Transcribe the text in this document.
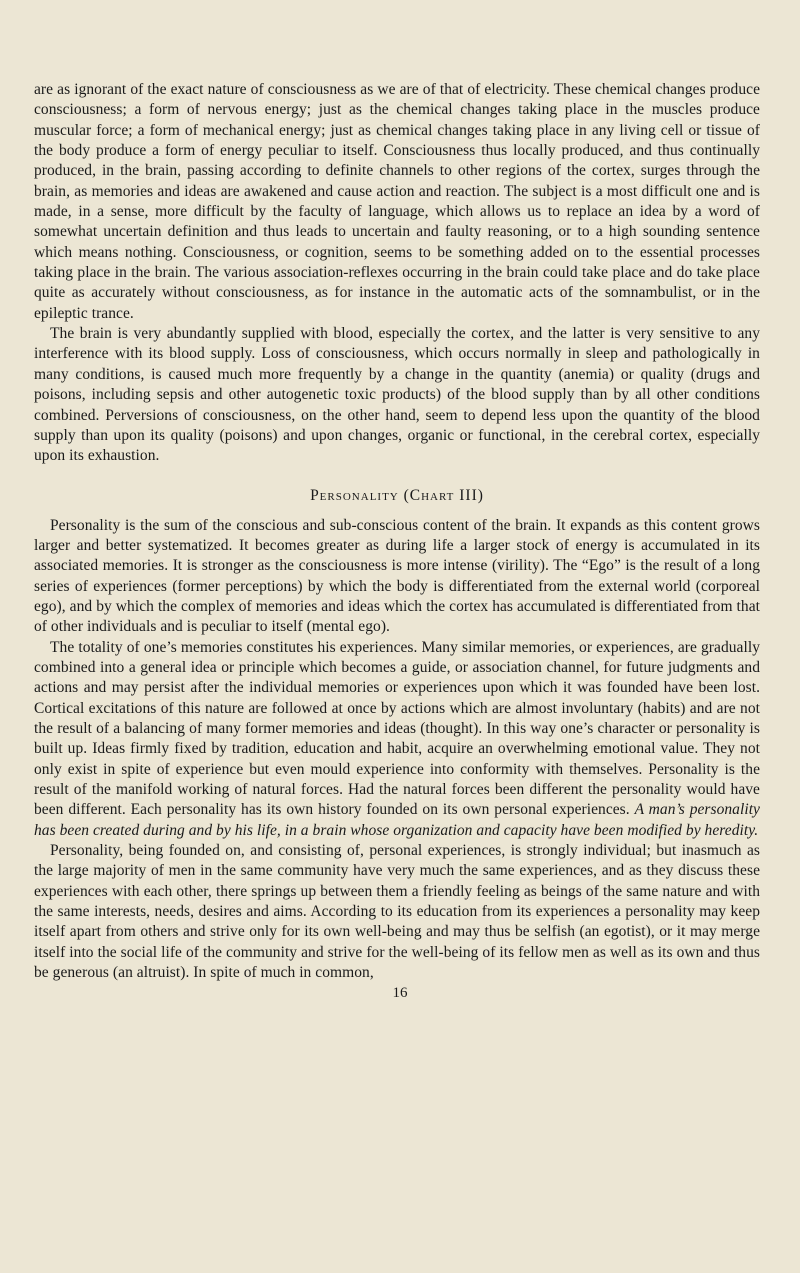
are as ignorant of the exact nature of consciousness as we are of that of electricity. These chemical changes produce consciousness; a form of nervous energy; just as the chemical changes taking place in the muscles produce muscular force; a form of mechanical energy; just as chemical changes taking place in any living cell or tissue of the body produce a form of energy peculiar to itself. Consciousness thus locally produced, and thus continually produced, in the brain, passing according to definite channels to other regions of the cortex, surges through the brain, as memories and ideas are awakened and cause action and reaction. The subject is a most difficult one and is made, in a sense, more difficult by the faculty of language, which allows us to replace an idea by a word of somewhat uncertain definition and thus leads to uncertain and faulty reasoning, or to a high sounding sentence which means nothing. Consciousness, or cognition, seems to be something added on to the essential processes taking place in the brain. The various association-reflexes occurring in the brain could take place and do take place quite as accurately without consciousness, as for instance in the automatic acts of the somnambulist, or in the epileptic trance.

The brain is very abundantly supplied with blood, especially the cortex, and the latter is very sensitive to any interference with its blood supply. Loss of consciousness, which occurs normally in sleep and pathologically in many conditions, is caused much more frequently by a change in the quantity (anemia) or quality (drugs and poisons, including sepsis and other autogenetic toxic products) of the blood supply than by all other conditions combined. Perversions of consciousness, on the other hand, seem to depend less upon the quantity of the blood supply than upon its quality (poisons) and upon changes, organic or functional, in the cerebral cortex, especially upon its exhaustion.

Personality (Chart III)

Personality is the sum of the conscious and sub-conscious content of the brain. It expands as this content grows larger and better systematized. It becomes greater as during life a larger stock of energy is accumulated in its associated memories. It is stronger as the consciousness is more intense (virility). The “Ego” is the result of a long series of experiences (former perceptions) by which the body is differentiated from the external world (corporeal ego), and by which the complex of memories and ideas which the cortex has accumulated is differentiated from that of other individuals and is peculiar to itself (mental ego).

The totality of one’s memories constitutes his experiences. Many similar memories, or experiences, are gradually combined into a general idea or principle which becomes a guide, or association channel, for future judgments and actions and may persist after the individual memories or experiences upon which it was founded have been lost. Cortical excitations of this nature are followed at once by actions which are almost involuntary (habits) and are not the result of a balancing of many former memories and ideas (thought). In this way one’s character or personality is built up. Ideas firmly fixed by tradition, education and habit, acquire an overwhelming emotional value. They not only exist in spite of experience but even mould experience into conformity with themselves. Personality is the result of the manifold working of natural forces. Had the natural forces been different the personality would have been different. Each personality has its own history founded on its own personal experiences. A man’s personality has been created during and by his life, in a brain whose organization and capacity have been modified by heredity.

Personality, being founded on, and consisting of, personal experiences, is strongly individual; but inasmuch as the large majority of men in the same community have very much the same experiences, and as they discuss these experiences with each other, there springs up between them a friendly feeling as beings of the same nature and with the same interests, needs, desires and aims. According to its education from its experiences a personality may keep itself apart from others and strive only for its own well-being and may thus be selfish (an egotist), or it may merge itself into the social life of the community and strive for the well-being of its fellow men as well as its own and thus be generous (an altruist). In spite of much in common,

16
